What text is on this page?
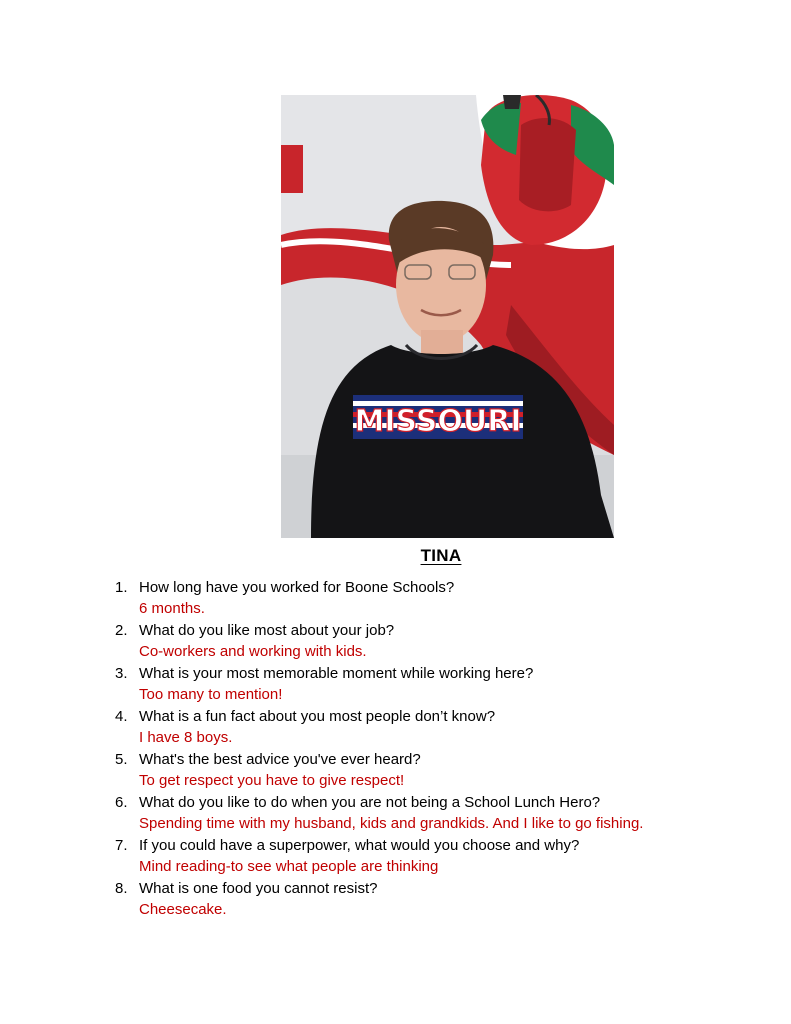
MISSOURI
TINA
1. How long have you worked for Boone Schools?
6 months.
2. What do you like most about your job?
Co-workers and working with kids.
3. What is your most memorable moment while working here?
Too many to mention!
4. What is a fun fact about you most people don’t know?
I have 8 boys.
5. What's the best advice you've ever heard?
To get respect you have to give respect!
6. What do you like to do when you are not being a School Lunch Hero?
Spending time with my husband, kids and grandkids. And I like to go fishing.
7. If you could have a superpower, what would you choose and why?
Mind reading-to see what people are thinking
8. What is one food you cannot resist?
Cheesecake.
